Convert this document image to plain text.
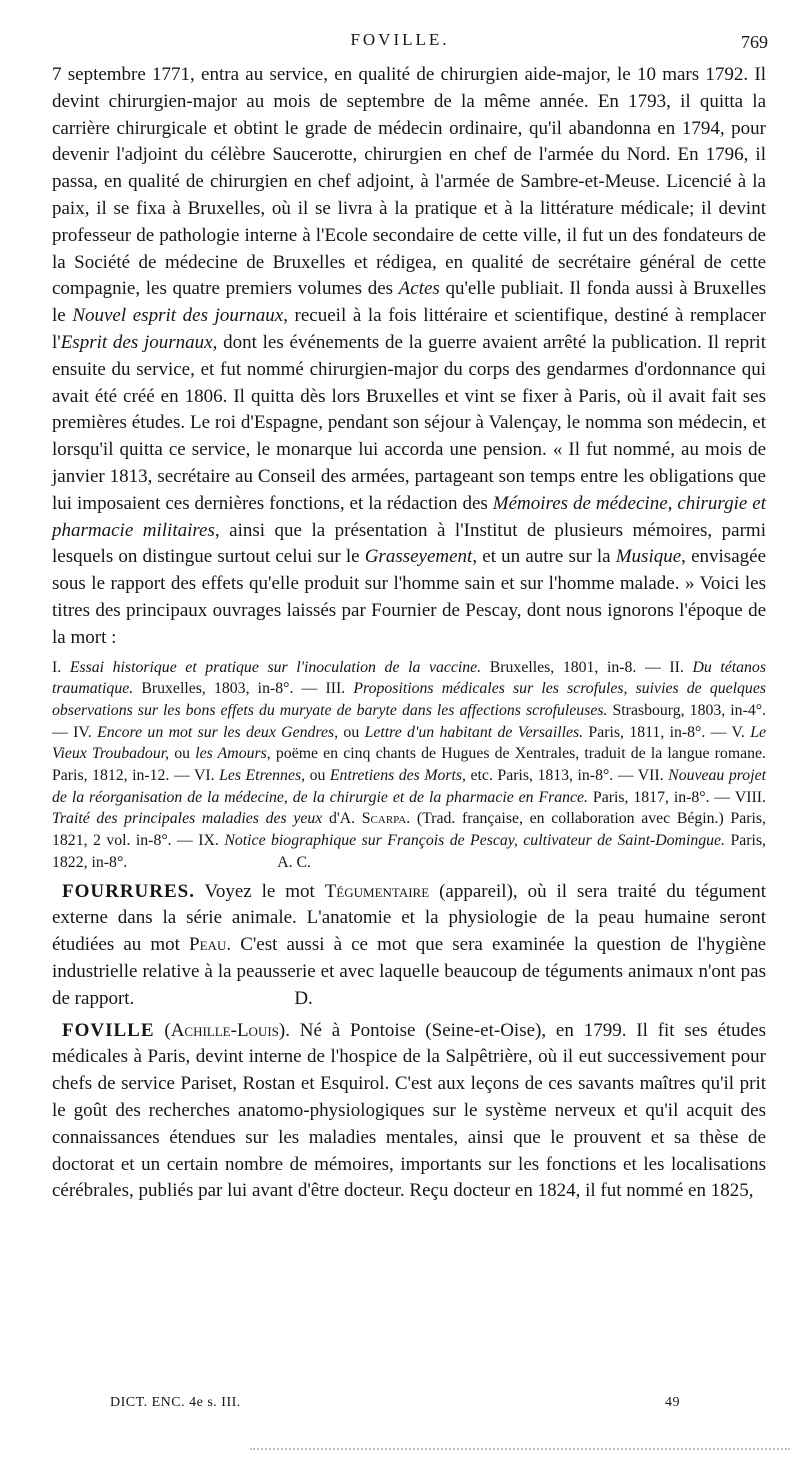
FOVILLE.	769

7 septembre 1771, entra au service, en qualité de chirurgien aide-major, le 10 mars 1792. Il devint chirurgien-major au mois de septembre de la même année. En 1793, il quitta la carrière chirurgicale et obtint le grade de médecin ordinaire, qu'il abandonna en 1794, pour devenir l'adjoint du célèbre Saucerotte, chirurgien en chef de l'armée du Nord. En 1796, il passa, en qualité de chirurgien en chef adjoint, à l'armée de Sambre-et-Meuse. Licencié à la paix, il se fixa à Bruxelles, où il se livra à la pratique et à la littérature médicale; il devint professeur de pathologie interne à l'Ecole secondaire de cette ville, il fut un des fondateurs de la Société de médecine de Bruxelles et rédigea, en qualité de secrétaire général de cette compagnie, les quatre premiers volumes des Actes qu'elle publiait. Il fonda aussi à Bruxelles le Nouvel esprit des journaux, recueil à la fois littéraire et scientifique, destiné à remplacer l'Esprit des journaux, dont les événements de la guerre avaient arrêté la publication. Il reprit ensuite du service, et fut nommé chirurgien-major du corps des gendarmes d'ordonnance qui avait été créé en 1806. Il quitta dès lors Bruxelles et vint se fixer à Paris, où il avait fait ses premières études. Le roi d'Espagne, pendant son séjour à Valençay, le nomma son médecin, et lorsqu'il quitta ce service, le monarque lui accorda une pension. « Il fut nommé, au mois de janvier 1813, secrétaire au Conseil des armées, partageant son temps entre les obligations que lui imposaient ces dernières fonctions, et la rédaction des Mémoires de médecine, chirurgie et pharmacie militaires, ainsi que la présentation à l'Institut de plusieurs mémoires, parmi lesquels on distingue surtout celui sur le Grasseyement, et un autre sur la Musique, envisagée sous le rapport des effets qu'elle produit sur l'homme sain et sur l'homme malade. » Voici les titres des principaux ouvrages laissés par Fournier de Pescay, dont nous ignorons l'époque de la mort :

I. Essai historique et pratique sur l'inoculation de la vaccine. Bruxelles, 1801, in-8. — II. Du tétanos traumatique. Bruxelles, 1803, in-8°. — III. Propositions médicales sur les scrofules, suivies de quelques observations sur les bons effets du muryate de baryte dans les affections scrofuleuses. Strasbourg, 1803, in-4°. — IV. Encore un mot sur les deux Gendres, ou Lettre d'un habitant de Versailles. Paris, 1811, in-8°. — V. Le Vieux Troubadour, ou les Amours, poëme en cinq chants de Hugues de Xentrales, traduit de la langue romane. Paris, 1812, in-12. — VI. Les Etrennes, ou Entretiens des Morts, etc. Paris, 1813, in-8°. — VII. Nouveau projet de la réorganisation de la médecine, de la chirurgie et de la pharmacie en France. Paris, 1817, in-8°. — VIII. Traité des principales maladies des yeux d'A. Scarpa. (Trad. française, en collaboration avec Bégin.) Paris, 1821, 2 vol. in-8°. — IX. Notice biographique sur François de Pescay, cultivateur de Saint-Domingue. Paris, 1822, in-8°.	A. C.

FOURRURES. Voyez le mot Tégumentaire (appareil), où il sera traité du tégument externe dans la série animale. L'anatomie et la physiologie de la peau humaine seront étudiées au mot Peau. C'est aussi à ce mot que sera examinée la question de l'hygiène industrielle relative à la peausserie et avec laquelle beaucoup de téguments animaux n'ont pas de rapport.	D.

FOVILLE (Achille-Louis). Né à Pontoise (Seine-et-Oise), en 1799. Il fit ses études médicales à Paris, devint interne de l'hospice de la Salpêtrière, où il eut successivement pour chefs de service Pariset, Rostan et Esquirol. C'est aux leçons de ces savants maîtres qu'il prit le goût des recherches anatomo-physiologiques sur le système nerveux et qu'il acquit des connaissances étendues sur les maladies mentales, ainsi que le prouvent et sa thèse de doctorat et un certain nombre de mémoires, importants sur les fonctions et les localisations cérébrales, publiés par lui avant d'être docteur. Reçu docteur en 1824, il fut nommé en 1825,

DICT. ENC. 4e s. III.	49
